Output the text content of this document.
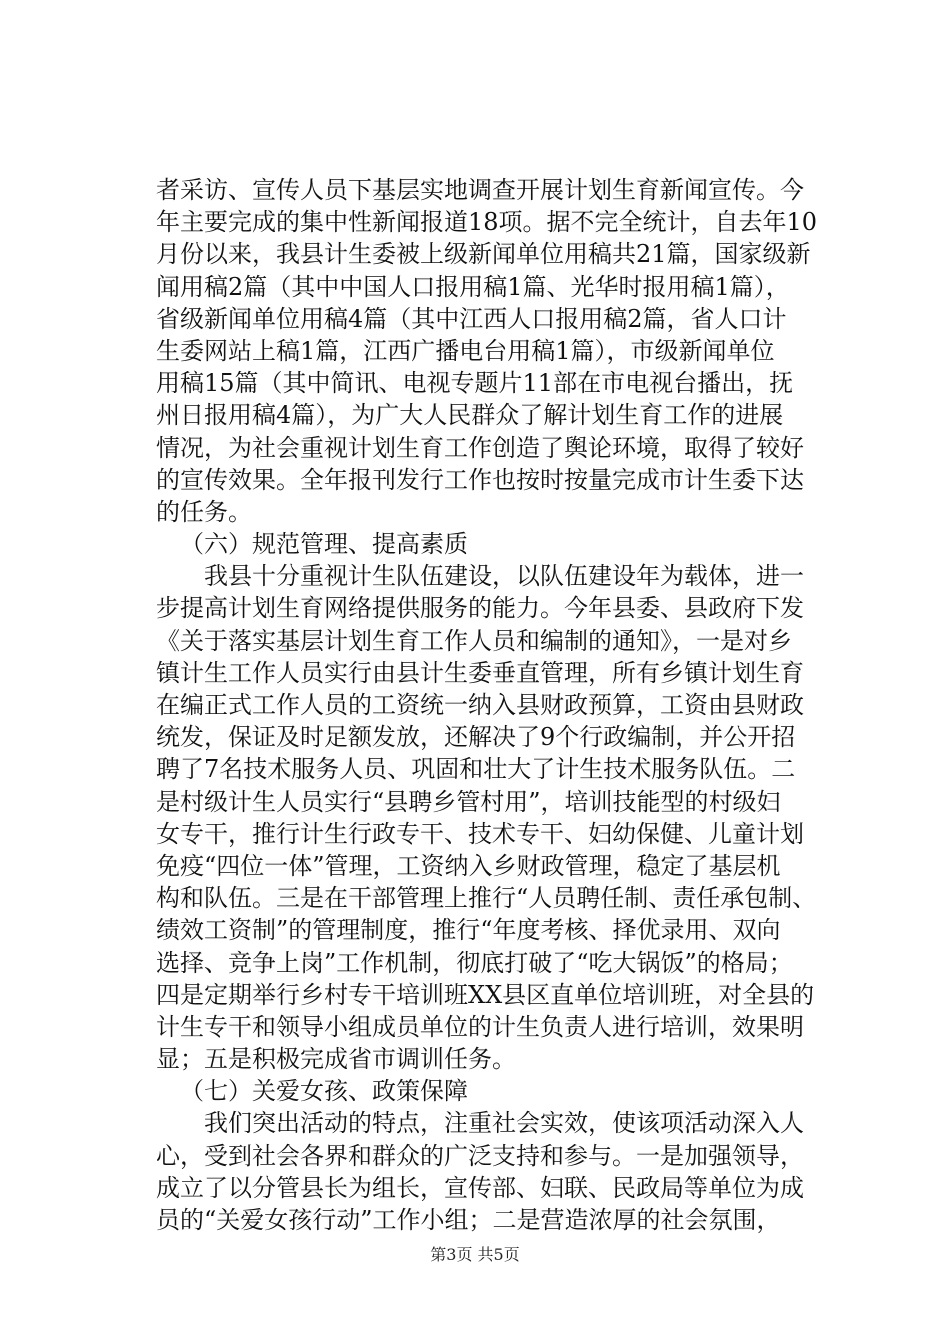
者采访、宣传人员下基层实地调查开展计划生育新闻宣传。今
年主要完成的集中性新闻报道18项。据不完全统计，自去年10
月份以来，我县计生委被上级新闻单位用稿共21篇，国家级新
闻用稿2篇（其中中国人口报用稿1篇、光华时报用稿1篇），
省级新闻单位用稿4篇（其中江西人口报用稿2篇，省人口计
生委网站上稿1篇，江西广播电台用稿1篇），市级新闻单位
用稿15篇（其中简讯、电视专题片11部在市电视台播出，抚
州日报用稿4篇），为广大人民群众了解计划生育工作的进展
情况，为社会重视计划生育工作创造了舆论环境，取得了较好
的宣传效果。全年报刊发行工作也按时按量完成市计生委下达
的任务。
（六）规范管理、提高素质
　我县十分重视计生队伍建设，以队伍建设年为载体，进一
步提高计划生育网络提供服务的能力。今年县委、县政府下发
《关于落实基层计划生育工作人员和编制的通知》，一是对乡
镇计生工作人员实行由县计生委垂直管理，所有乡镇计划生育
在编正式工作人员的工资统一纳入县财政预算，工资由县财政
统发，保证及时足额发放，还解决了9个行政编制，并公开招
聘了7名技术服务人员、巩固和壮大了计生技术服务队伍。二
是村级计生人员实行“县聘乡管村用”，培训技能型的村级妇
女专干，推行计生行政专干、技术专干、妇幼保健、儿童计划
免疫“四位一体”管理，工资纳入乡财政管理，稳定了基层机
构和队伍。三是在干部管理上推行“人员聘任制、责任承包制、
绩效工资制”的管理制度，推行“年度考核、择优录用、双向
选择、竞争上岗”工作机制，彻底打破了“吃大锅饭”的格局；
四是定期举行乡村专干培训班XX县区直单位培训班，对全县的
计生专干和领导小组成员单位的计生负责人进行培训，效果明
显；五是积极完成省市调训任务。
（七）关爱女孩、政策保障
　我们突出活动的特点，注重社会实效，使该项活动深入人
心，受到社会各界和群众的广泛支持和参与。一是加强领导，
成立了以分管县长为组长，宣传部、妇联、民政局等单位为成
员的“关爱女孩行动”工作小组；二是营造浓厚的社会氛围，
第3页 共5页
